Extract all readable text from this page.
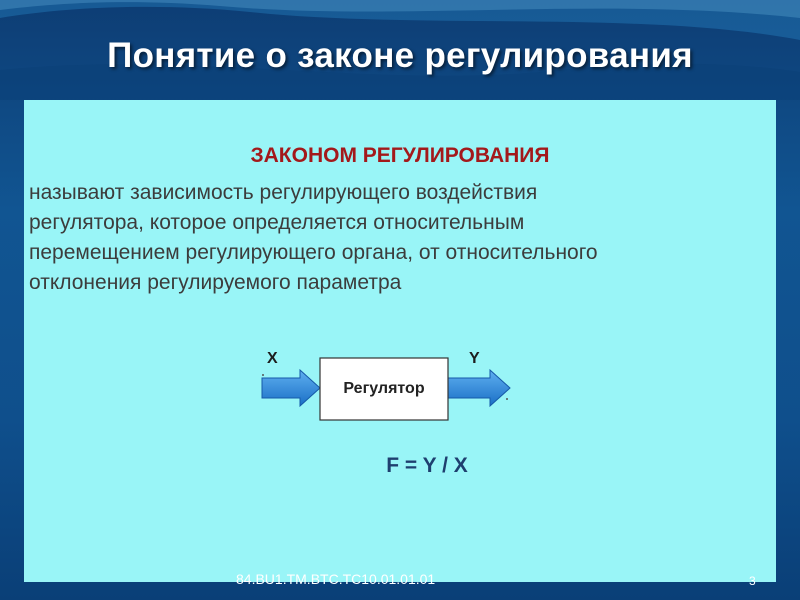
Понятие о законе регулирования
ЗАКОНОМ РЕГУЛИРОВАНИЯ
называют зависимость регулирующего воздействия
регулятора, которое определяется относительным
перемещением регулирующего органа, от относительного
отклонения регулируемого параметра
X	Y
Регулятор
F = Y / X
84.BU1.TM.BTC.TC10.01.01.01	3
